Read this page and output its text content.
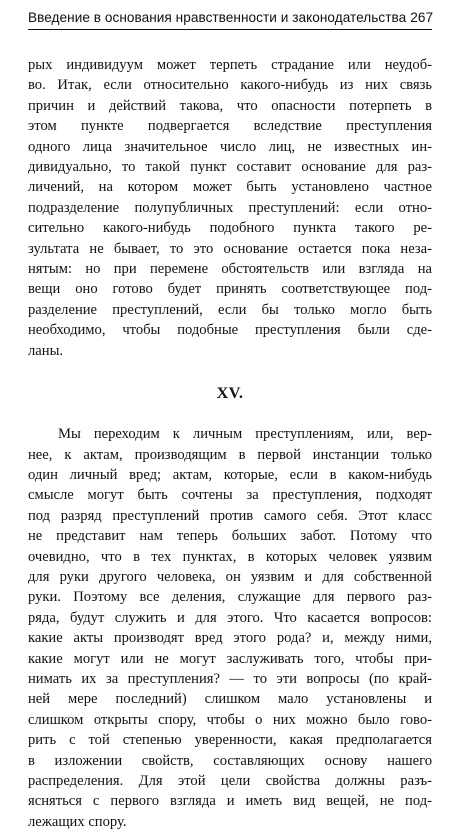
Введение в основания нравственности и законодательства 267
рых индивидуум может терпеть страдание или неудоб-
во. Итак, если относительно какого-нибудь из них связь
причин и действий такова, что опасности потерпеть в
этом пункте подвергается вследствие преступления
одного лица значительное число лиц, не известных ин-
дивидуально, то такой пункт составит основание для раз-
личений, на котором может быть установлено частное
подразделение полупубличных преступлений: если отно-
сительно какого-нибудь подобного пункта такого ре-
зультата не бывает, то это основание остается пока неза-
нятым: но при перемене обстоятельств или взгляда на
вещи оно готово будет принять соответствующее под-
разделение преступлений, если бы только могло быть
необходимо, чтобы подобные преступления были сде-
ланы.
XV.
Мы переходим к личным преступлениям, или, вер-
нее, к актам, производящим в первой инстанции только
один личный вред; актам, которые, если в каком-нибудь
смысле могут быть сочтены за преступления, подходят
под разряд преступлений против самого себя. Этот класс
не представит нам теперь больших забот. Потому что
очевидно, что в тех пунктах, в которых человек уязвим
для руки другого человека, он уязвим и для собственной
руки. Поэтому все деления, служащие для первого раз-
ряда, будут служить и для этого. Что касается вопросов:
какие акты производят вред этого рода? и, между ними,
какие могут или не могут заслуживать того, чтобы при-
нимать их за преступления? — то эти вопросы (по край-
ней мере последний) слишком мало установлены и
слишком открыты спору, чтобы о них можно было гово-
рить с той степенью уверенности, какая предполагается
в изложении свойств, составляющих основу нашего
распределения. Для этой цели свойства должны разъ-
ясняться с первого взгляда и иметь вид вещей, не под-
лежащих спору.
